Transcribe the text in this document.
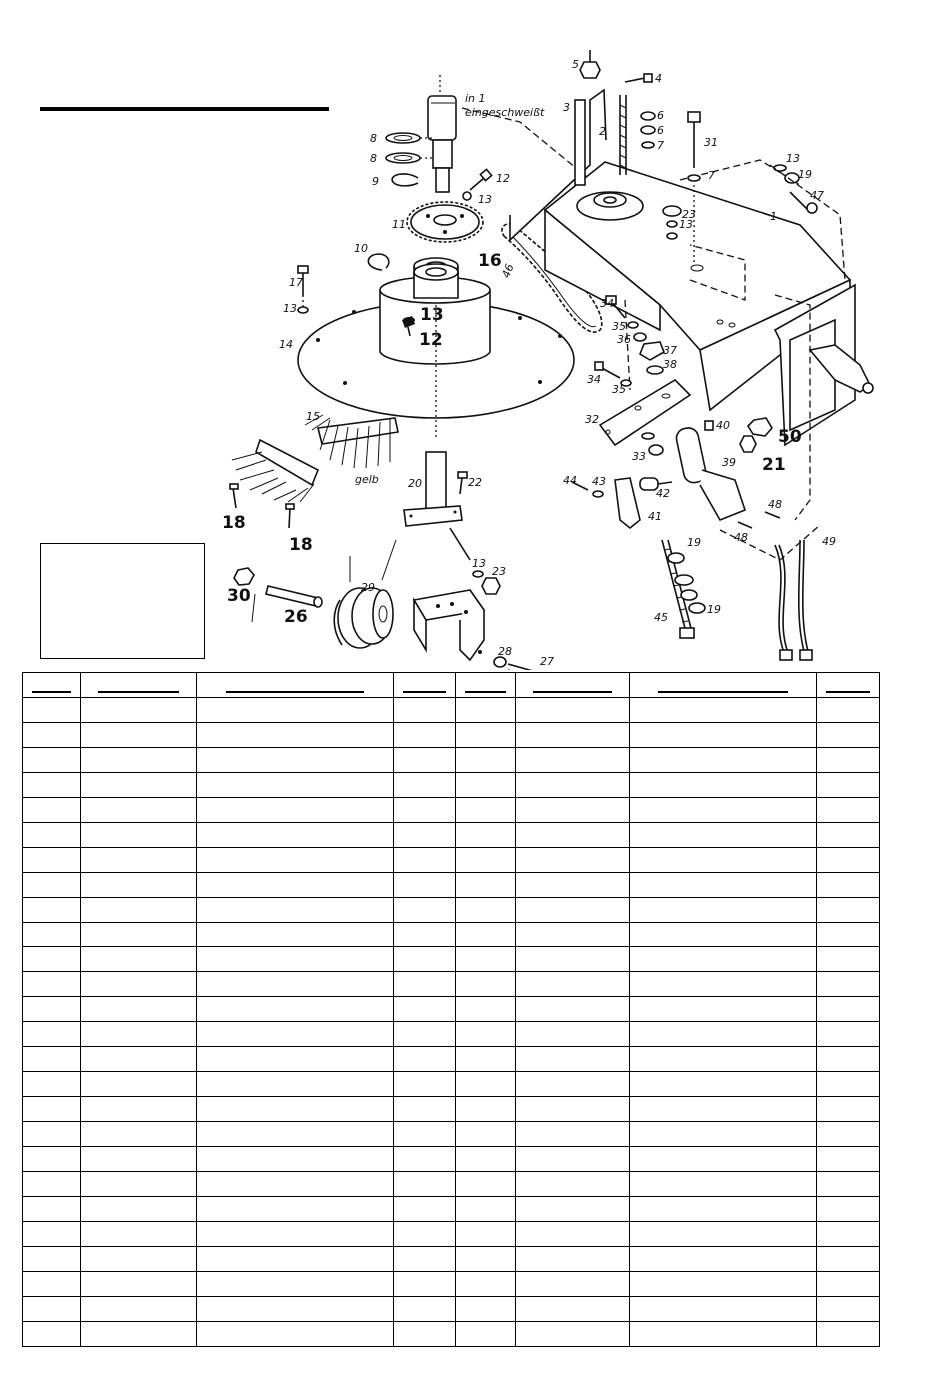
1
2
3
4
5
6
6
7
7
8
8
9
10
11
12
12
13
13
13
13
13
13
14
15
16
17
18
18
19
19
19
20
21
22
23
23
26
27
28
29
30
31
32
33
34
34
35
35
36
37
38
39
40
41
42
43
44
45
46
47
48
48	49
50
in 1
eingeschweißt
gelb
